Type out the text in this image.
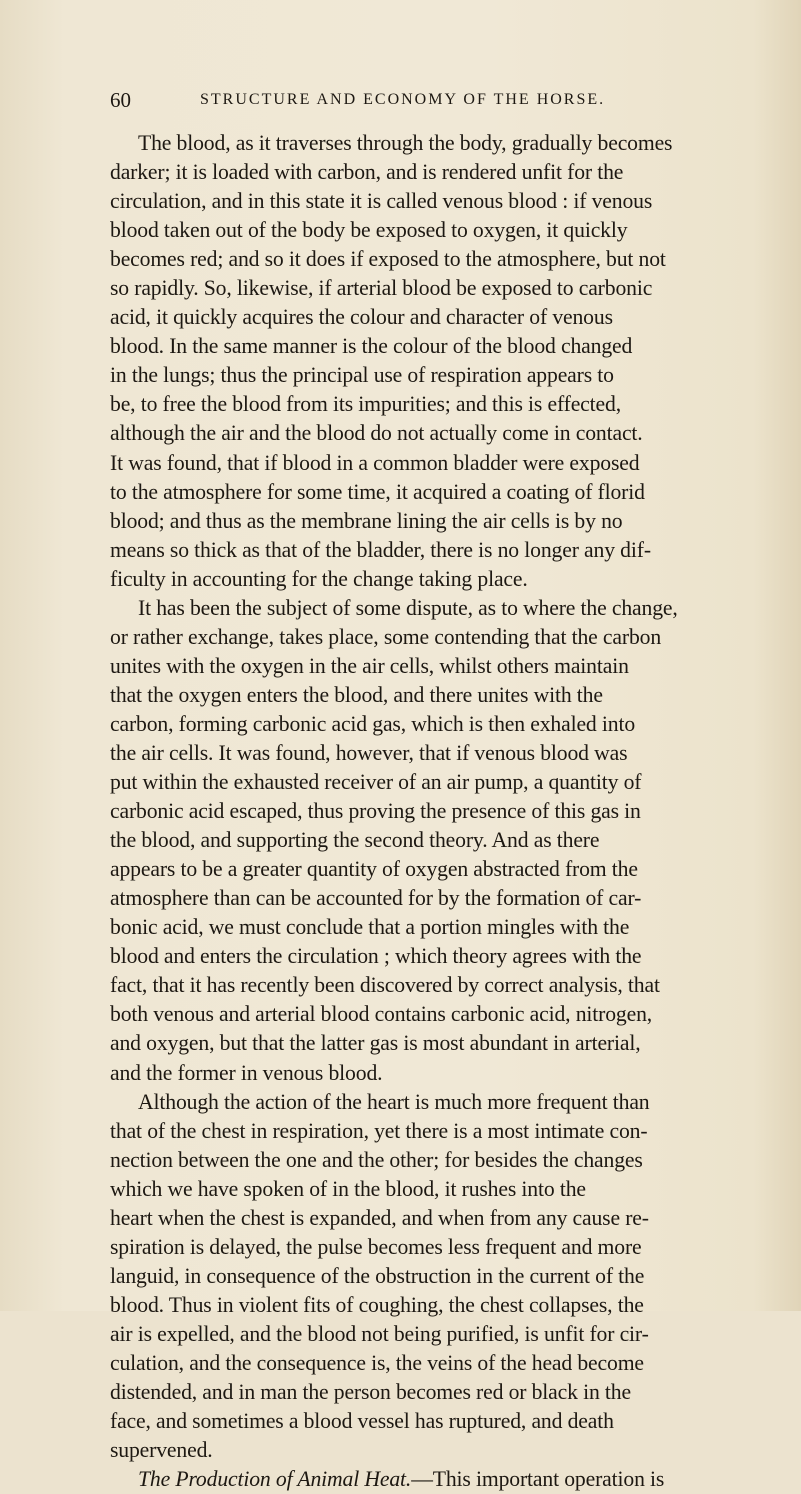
60	STRUCTURE AND ECONOMY OF THE HORSE.
The blood, as it traverses through the body, gradually becomes
darker; it is loaded with carbon, and is rendered unfit for the
circulation, and in this state it is called venous blood : if venous
blood taken out of the body be exposed to oxygen, it quickly
becomes red; and so it does if exposed to the atmosphere, but not
so rapidly. So, likewise, if arterial blood be exposed to carbonic
acid, it quickly acquires the colour and character of venous
blood. In the same manner is the colour of the blood changed
in the lungs; thus the principal use of respiration appears to
be, to free the blood from its impurities; and this is effected,
although the air and the blood do not actually come in contact.
It was found, that if blood in a common bladder were exposed
to the atmosphere for some time, it acquired a coating of florid
blood; and thus as the membrane lining the air cells is by no
means so thick as that of the bladder, there is no longer any dif-
ficulty in accounting for the change taking place.
It has been the subject of some dispute, as to where the change,
or rather exchange, takes place, some contending that the carbon
unites with the oxygen in the air cells, whilst others maintain
that the oxygen enters the blood, and there unites with the
carbon, forming carbonic acid gas, which is then exhaled into
the air cells. It was found, however, that if venous blood was
put within the exhausted receiver of an air pump, a quantity of
carbonic acid escaped, thus proving the presence of this gas in
the blood, and supporting the second theory. And as there
appears to be a greater quantity of oxygen abstracted from the
atmosphere than can be accounted for by the formation of car-
bonic acid, we must conclude that a portion mingles with the
blood and enters the circulation ; which theory agrees with the
fact, that it has recently been discovered by correct analysis, that
both venous and arterial blood contains carbonic acid, nitrogen,
and oxygen, but that the latter gas is most abundant in arterial,
and the former in venous blood.
Although the action of the heart is much more frequent than
that of the chest in respiration, yet there is a most intimate con-
nection between the one and the other; for besides the changes
which we have spoken of in the blood, it rushes into the
heart when the chest is expanded, and when from any cause re-
spiration is delayed, the pulse becomes less frequent and more
languid, in consequence of the obstruction in the current of the
blood. Thus in violent fits of coughing, the chest collapses, the
air is expelled, and the blood not being purified, is unfit for cir-
culation, and the consequence is, the veins of the head become
distended, and in man the person becomes red or black in the
face, and sometimes a blood vessel has ruptured, and death
supervened.
The Production of Animal Heat.—This important operation is
